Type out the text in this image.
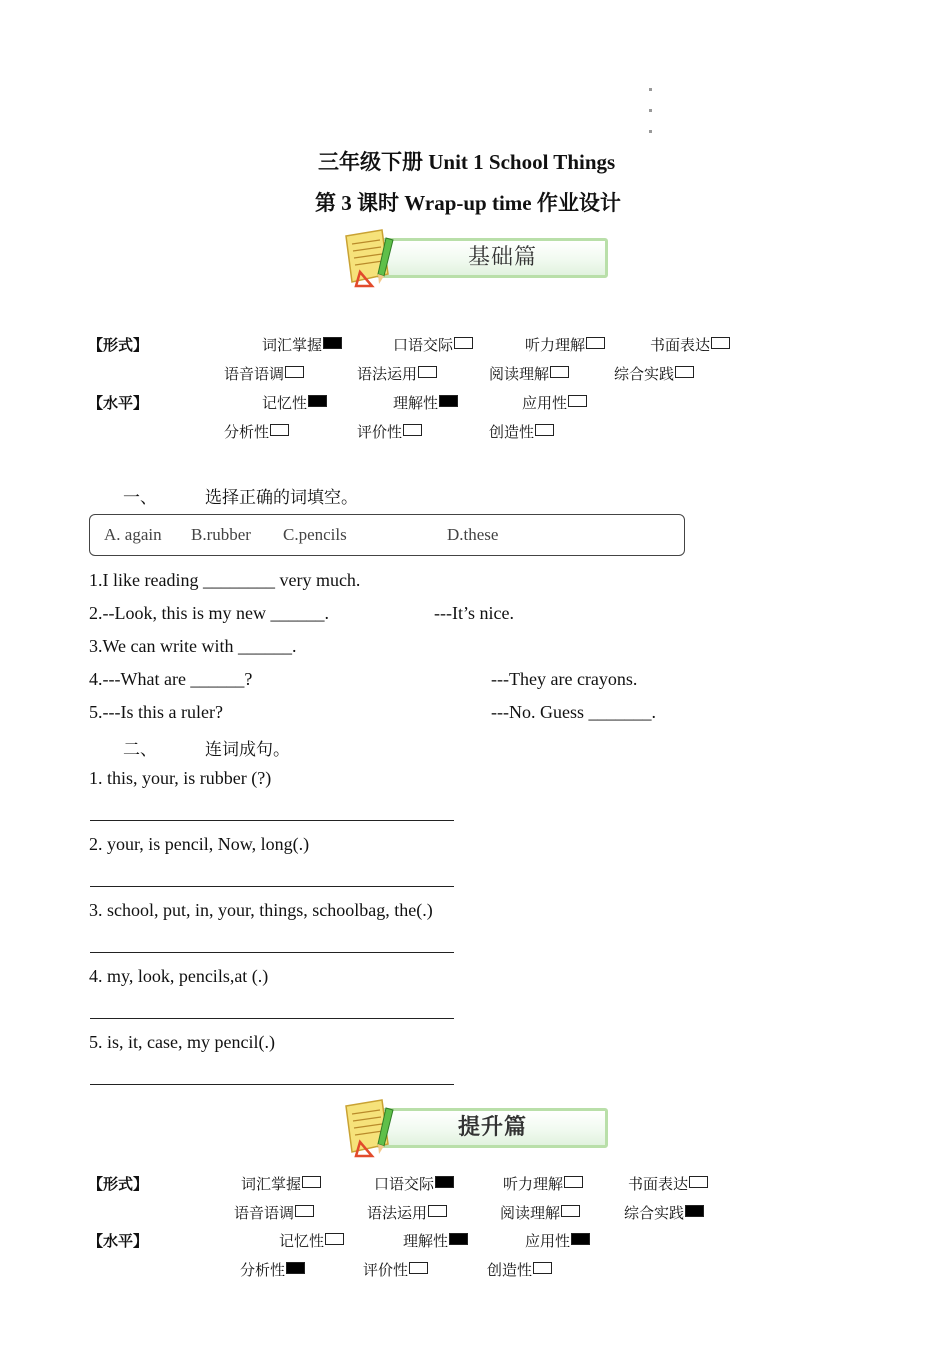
三年级下册 Unit 1 School Things
第 3 课时 Wrap-up time 作业设计
基础篇
【形式】	词汇掌握	口语交际	听力理解	书面表达
语音语调	语法运用	阅读理解	综合实践
【水平】	记忆性	理解性	应用性
分析性	评价性	创造性
一、	选择正确的词填空。
A. again B.rubber C.pencils	D.these
1.I like reading ________ very much.
2.--Look, this is my new ______.	---It’s nice.
3.We can write with ______.
4.---What are ______?	---They are crayons.
5.---Is this a ruler?	---No. Guess _______.
二、	连词成句。
1. this, your, is rubber (?)
2. your, is pencil, Now, long(.)
3. school, put, in, your, things, schoolbag, the(.)
4. my, look, pencils,at (.)
5. is, it, case, my pencil(.)
提升篇
【形式】	词汇掌握	口语交际	听力理解	书面表达
语音语调	语法运用	阅读理解	综合实践
【水平】	记忆性	理解性	应用性
分析性	评价性	创造性
